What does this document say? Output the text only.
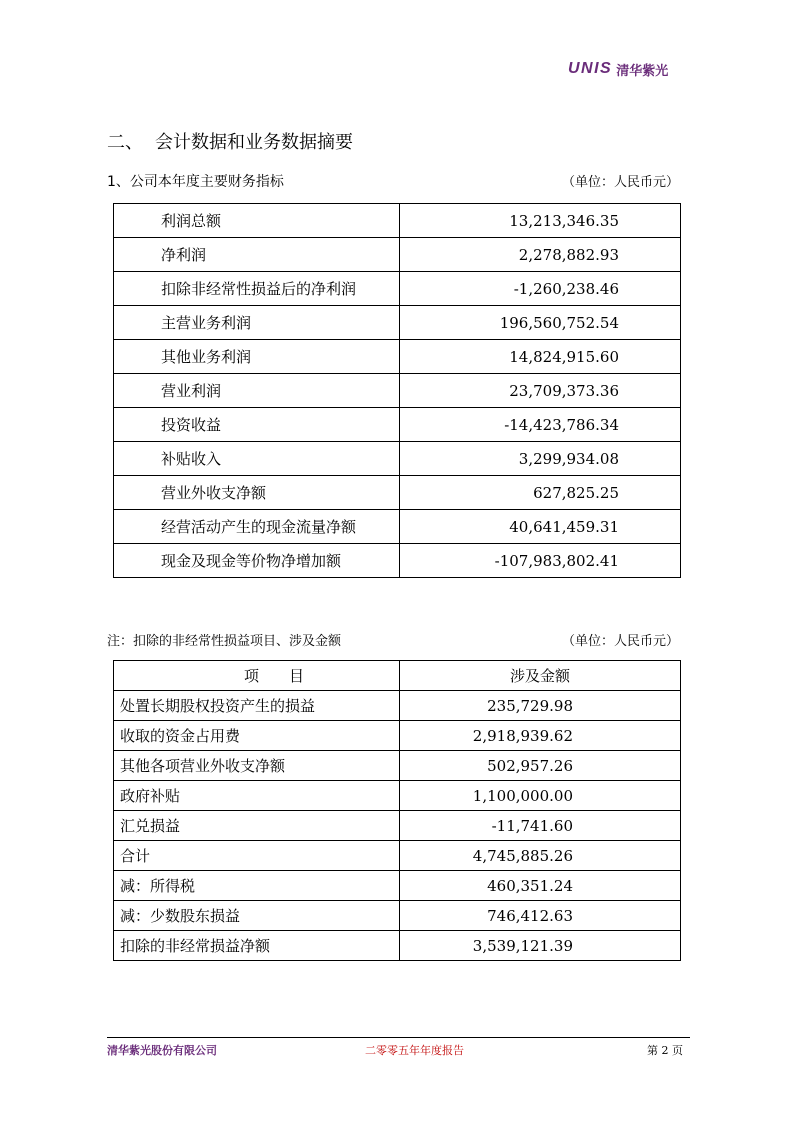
UNIS 清华紫光
二、 会计数据和业务数据摘要
1、公司本年度主要财务指标	（单位：人民币元）
利润总额	13,213,346.35
净利润	2,278,882.93
扣除非经常性损益后的净利润	-1,260,238.46
主营业务利润	196,560,752.54
其他业务利润	14,824,915.60
营业利润	23,709,373.36
投资收益	-14,423,786.34
补贴收入	3,299,934.08
营业外收支净额	627,825.25
经营活动产生的现金流量净额	40,641,459.31
现金及现金等价物净增加额	-107,983,802.41
注：扣除的非经常性损益项目、涉及金额	（单位：人民币元）
项　　目	涉及金额
处置长期股权投资产生的损益	235,729.98
收取的资金占用费	2,918,939.62
其他各项营业外收支净额	502,957.26
政府补贴	1,100,000.00
汇兑损益	-11,741.60
合计	4,745,885.26
减：所得税	460,351.24
减：少数股东损益	746,412.63
扣除的非经常损益净额	3,539,121.39
清华紫光股份有限公司	二零零五年年度报告	第 2 页
